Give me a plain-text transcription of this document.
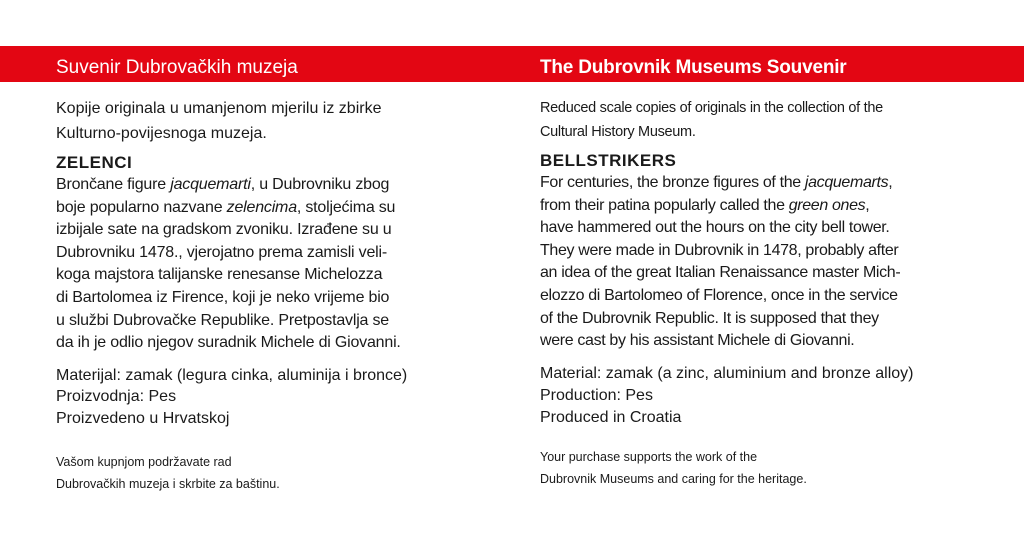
Suvenir Dubrovačkih muzeja
Kopije originala u umanjenom mjerilu iz zbirke
Kulturno-povijesnoga muzeja.
ZELENCI
Brončane figure jacquemarti, u Dubrovniku zbog
boje popularno nazvane zelencima, stoljećima su
izbijale sate na gradskom zvoniku. Izrađene su u
Dubrovniku 1478., vjerojatno prema zamisli veli-
koga majstora talijanske renesanse Michelozza
di Bartolomea iz Firence, koji je neko vrijeme bio
u službi Dubrovačke Republike. Pretpostavlja se
da ih je odlio njegov suradnik Michele di Giovanni.
Materijal: zamak (legura cinka, aluminija i bronce)
Proizvodnja: Pes
Proizvedeno u Hrvatskoj
Vašom kupnjom podržavate rad
Dubrovačkih muzeja i skrbite za baštinu.
The Dubrovnik Museums Souvenir
Reduced scale copies of originals in the collection of the
Cultural History Museum.
BELLSTRIKERS
For centuries, the bronze figures of the jacquemarts,
from their patina popularly called the green ones,
have hammered out the hours on the city bell tower.
They were made in Dubrovnik in 1478, probably after
an idea of the great Italian Renaissance master Mich-
elozzo di Bartolomeo of Florence, once in the service
of the Dubrovnik Republic. It is supposed that they
were cast by his assistant Michele di Giovanni.
Material: zamak (a zinc, aluminium and bronze alloy)
Production: Pes
Produced in Croatia
Your purchase supports the work of the
Dubrovnik Museums and caring for the heritage.
